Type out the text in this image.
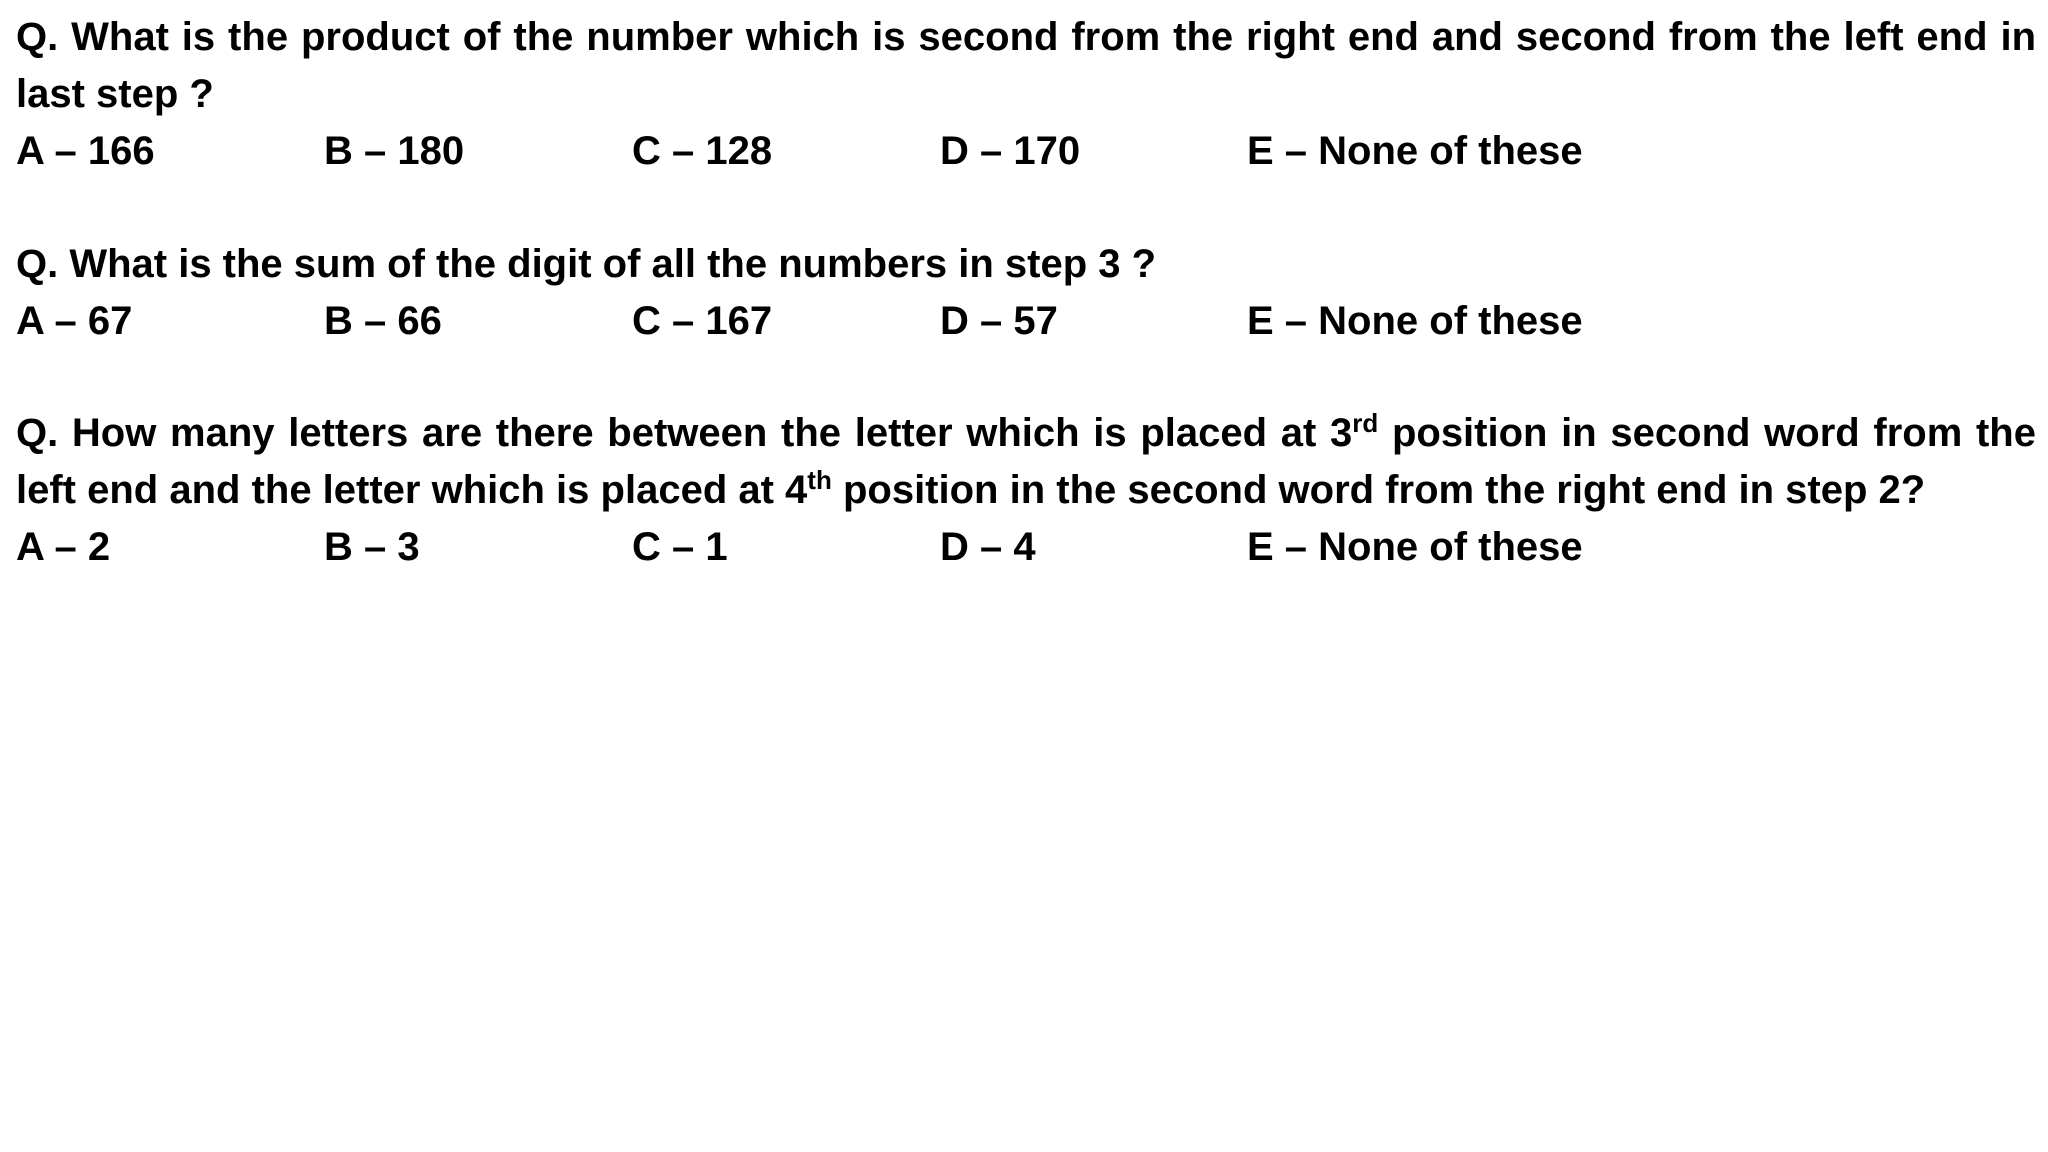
Q. What is the product of the number which is second from the right end and second from the left end in last step ?

A – 166	B – 180	C – 128	D – 170	E – None of these

Q. What is the sum of the digit of all the numbers in step 3 ?

A – 67	B – 66	C – 167	D – 57	E – None of these

Q. How many letters are there between the letter which is placed at 3rd position in second word from the left end and the letter which is placed at 4th position in the second word from the right end in step 2?

A – 2	B – 3	C – 1	D – 4	E – None of these
